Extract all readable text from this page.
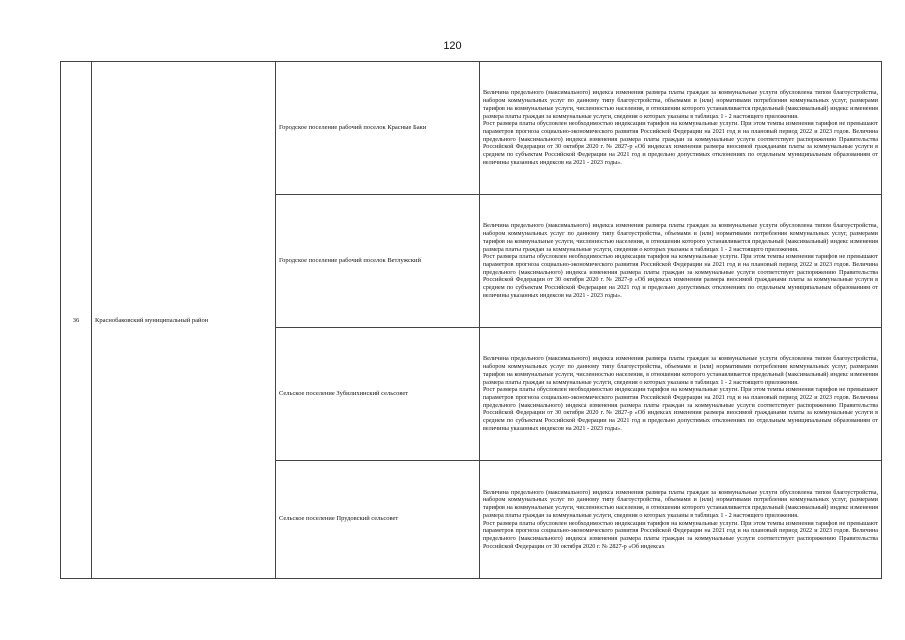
120
36	Краснобаковский муниципальный район	Городское поселение рабочий поселок Красные Баки	Величина предельного (максимального) индекса изменения размера платы граждан за коммунальные услуги обусловлена типом благоустройства, набором коммунальных услуг по данному типу благоустройства, объемами и (или) нормативами потребления коммунальных услуг, размерами тарифов на коммунальные услуги, численностью населения, в отношении которого устанавливается предельный (максимальный) индекс изменения размера платы граждан за коммунальные услуги, сведения о которых указаны в таблицах 1 - 2 настоящего приложения.

Рост размера платы обусловлен необходимостью индексации тарифов на коммунальные услуги. При этом темпы изменения тарифов не превышают параметров прогноза социально-экономического развития Российской Федерации на 2021 год и на плановый период 2022 и 2023 годов. Величина предельного (максимального) индекса изменения размера платы граждан за коммунальные услуги соответствует распоряжению Правительства Российской Федерации от 30 октября 2020 г. № 2827-р «Об индексах изменения размера вносимой гражданами платы за коммунальные услуги в среднем по субъектам Российской Федерации на 2021 год и предельно допустимых отклонениях по отдельным муниципальным образованиям от величины указанных индексов на 2021 - 2023 годы».

		Городское поселение рабочий поселок Ветлужский	Величина предельного (максимального) индекса изменения размера платы граждан за коммунальные услуги обусловлена типом благоустройства, набором коммунальных услуг по данному типу благоустройства, объемами и (или) нормативами потребления коммунальных услуг, размерами тарифов на коммунальные услуги, численностью населения, в отношении которого устанавливается предельный (максимальный) индекс изменения размера платы граждан за коммунальные услуги, сведения о которых указаны в таблицах 1 - 2 настоящего приложения.

Рост размера платы обусловлен необходимостью индексации тарифов на коммунальные услуги. При этом темпы изменения тарифов не превышают параметров прогноза социально-экономического развития Российской Федерации на 2021 год и на плановый период 2022 и 2023 годов. Величина предельного (максимального) индекса изменения размера платы граждан за коммунальные услуги соответствует распоряжению Правительства Российской Федерации от 30 октября 2020 г. № 2827-р «Об индексах изменения размера вносимой гражданами платы за коммунальные услуги в среднем по субъектам Российской Федерации на 2021 год и предельно допустимых отклонениях по отдельным муниципальным образованиям от величины указанных индексов на 2021 - 2023 годы».

		Сельское поселение Зубилихинский сельсовет	Величина предельного (максимального) индекса изменения размера платы граждан за коммунальные услуги обусловлена типом благоустройства, набором коммунальных услуг по данному типу благоустройства, объемами и (или) нормативами потребления коммунальных услуг, размерами тарифов на коммунальные услуги, численностью населения, в отношении которого устанавливается предельный (максимальный) индекс изменения размера платы граждан за коммунальные услуги, сведения о которых указаны в таблицах 1 - 2 настоящего приложения.

Рост размера платы обусловлен необходимостью индексации тарифов на коммунальные услуги. При этом темпы изменения тарифов не превышают параметров прогноза социально-экономического развития Российской Федерации на 2021 год и на плановый период 2022 и 2023 годов. Величина предельного (максимального) индекса изменения размера платы граждан за коммунальные услуги соответствует распоряжению Правительства Российской Федерации от 30 октября 2020 г. № 2827-р «Об индексах изменения размера вносимой гражданами платы за коммунальные услуги в среднем по субъектам Российской Федерации на 2021 год и предельно допустимых отклонениях по отдельным муниципальным образованиям от величины указанных индексов на 2021 - 2023 годы».

		Сельское поселение Прудовский сельсовет	Величина предельного (максимального) индекса изменения размера платы граждан за коммунальные услуги обусловлена типом благоустройства, набором коммунальных услуг по данному типу благоустройства, объемами и (или) нормативами потребления коммунальных услуг, размерами тарифов на коммунальные услуги, численностью населения, в отношении которого устанавливается предельный (максимальный) индекс изменения размера платы граждан за коммунальные услуги, сведения о которых указаны в таблицах 1 - 2 настоящего приложения.

Рост размера платы обусловлен необходимостью индексации тарифов на коммунальные услуги. При этом темпы изменения тарифов не превышают параметров прогноза социально-экономического развития Российской Федерации на 2021 год и на плановый период 2022 и 2023 годов. Величина предельного (максимального) индекса изменения размера платы граждан за коммунальные услуги соответствует распоряжению Правительства Российской Федерации от 30 октября 2020 г. № 2827-р «Об индексах
